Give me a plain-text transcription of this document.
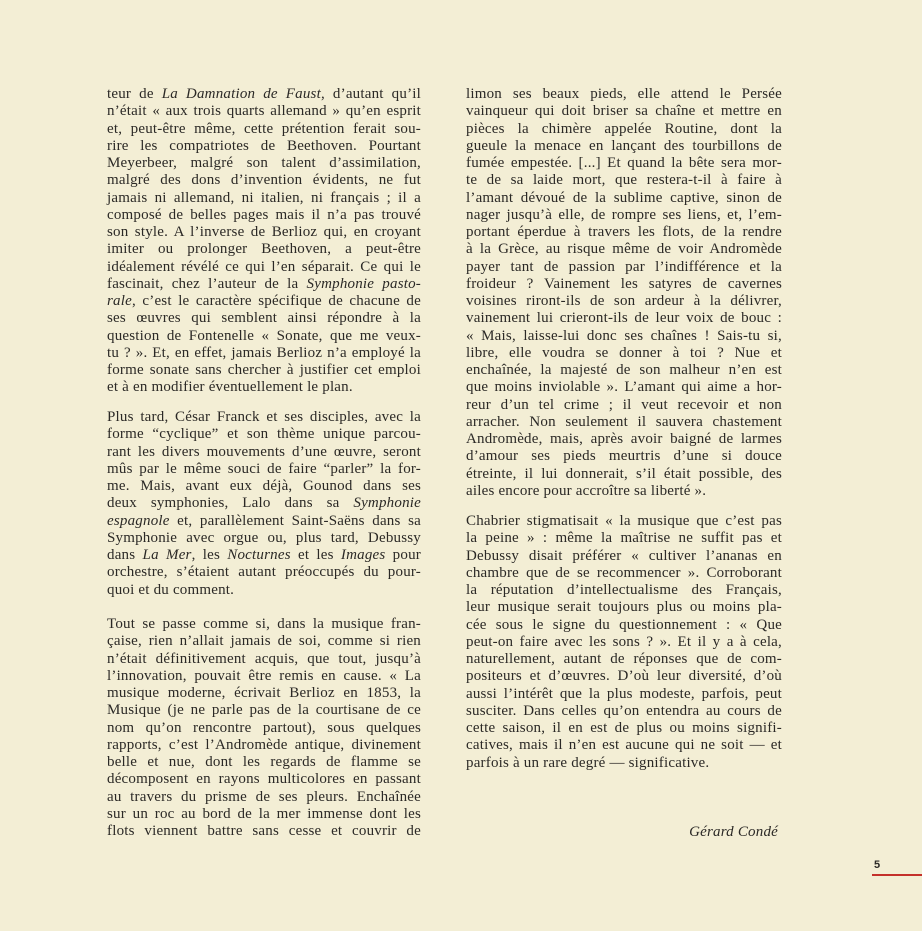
teur de La Damnation de Faust, d’autant qu’il
n’était « aux trois quarts allemand » qu’en esprit
et, peut-être même, cette prétention ferait sou-
rire les compatriotes de Beethoven. Pourtant
Meyerbeer, malgré son talent d’assimilation,
malgré des dons d’invention évidents, ne fut
jamais ni allemand, ni italien, ni français ; il a
composé de belles pages mais il n’a pas trouvé
son style. A l’inverse de Berlioz qui, en croyant
imiter ou prolonger Beethoven, a peut-être
idéalement révélé ce qui l’en séparait. Ce qui le
fascinait, chez l’auteur de la Symphonie pasto-
rale, c’est le caractère spécifique de chacune de
ses œuvres qui semblent ainsi répondre à la
question de Fontenelle « Sonate, que me veux-
tu ? ». Et, en effet, jamais Berlioz n’a employé la
forme sonate sans chercher à justifier cet emploi
et à en modifier éventuellement le plan.
Plus tard, César Franck et ses disciples, avec la
forme “cyclique” et son thème unique parcou-
rant les divers mouvements d’une œuvre, seront
mûs par le même souci de faire “parler” la for-
me. Mais, avant eux déjà, Gounod dans ses
deux symphonies, Lalo dans sa Symphonie
espagnole et, parallèlement Saint-Saëns dans sa
Symphonie avec orgue ou, plus tard, Debussy
dans La Mer, les Nocturnes et les Images pour
orchestre, s’étaient autant préoccupés du pour-
quoi et du comment.
Tout se passe comme si, dans la musique fran-
çaise, rien n’allait jamais de soi, comme si rien
n’était définitivement acquis, que tout, jusqu’à
l’innovation, pouvait être remis en cause. « La
musique moderne, écrivait Berlioz en 1853, la
Musique (je ne parle pas de la courtisane de ce
nom qu’on rencontre partout), sous quelques
rapports, c’est l’Andromède antique, divinement
belle et nue, dont les regards de flamme se
décomposent en rayons multicolores en passant
au travers du prisme de ses pleurs. Enchaînée
sur un roc au bord de la mer immense dont les
flots viennent battre sans cesse et couvrir de
limon ses beaux pieds, elle attend le Persée
vainqueur qui doit briser sa chaîne et mettre en
pièces la chimère appelée Routine, dont la
gueule la menace en lançant des tourbillons de
fumée empestée. [...] Et quand la bête sera mor-
te de sa laide mort, que restera-t-il à faire à
l’amant dévoué de la sublime captive, sinon de
nager jusqu’à elle, de rompre ses liens, et, l’em-
portant éperdue à travers les flots, de la rendre
à la Grèce, au risque même de voir Andromède
payer tant de passion par l’indifférence et la
froideur ? Vainement les satyres de cavernes
voisines riront-ils de son ardeur à la délivrer,
vainement lui crieront-ils de leur voix de bouc :
« Mais, laisse-lui donc ses chaînes ! Sais-tu si,
libre, elle voudra se donner à toi ? Nue et
enchaînée, la majesté de son malheur n’en est
que moins inviolable ». L’amant qui aime a hor-
reur d’un tel crime ; il veut recevoir et non
arracher. Non seulement il sauvera chastement
Andromède, mais, après avoir baigné de larmes
d’amour ses pieds meurtris d’une si douce
étreinte, il lui donnerait, s’il était possible, des
ailes encore pour accroître sa liberté ».
Chabrier stigmatisait « la musique que c’est pas
la peine » : même la maîtrise ne suffit pas et
Debussy disait préférer « cultiver l’ananas en
chambre que de se recommencer ». Corroborant
la réputation d’intellectualisme des Français,
leur musique serait toujours plus ou moins pla-
cée sous le signe du questionnement : « Que
peut-on faire avec les sons ? ». Et il y a à cela,
naturellement, autant de réponses que de com-
positeurs et d’œuvres. D’où leur diversité, d’où
aussi l’intérêt que la plus modeste, parfois, peut
susciter. Dans celles qu’on entendra au cours de
cette saison, il en est de plus ou moins signifi-
catives, mais il n’en est aucune qui ne soit — et
parfois à un rare degré — significative.
Gérard Condé
5
